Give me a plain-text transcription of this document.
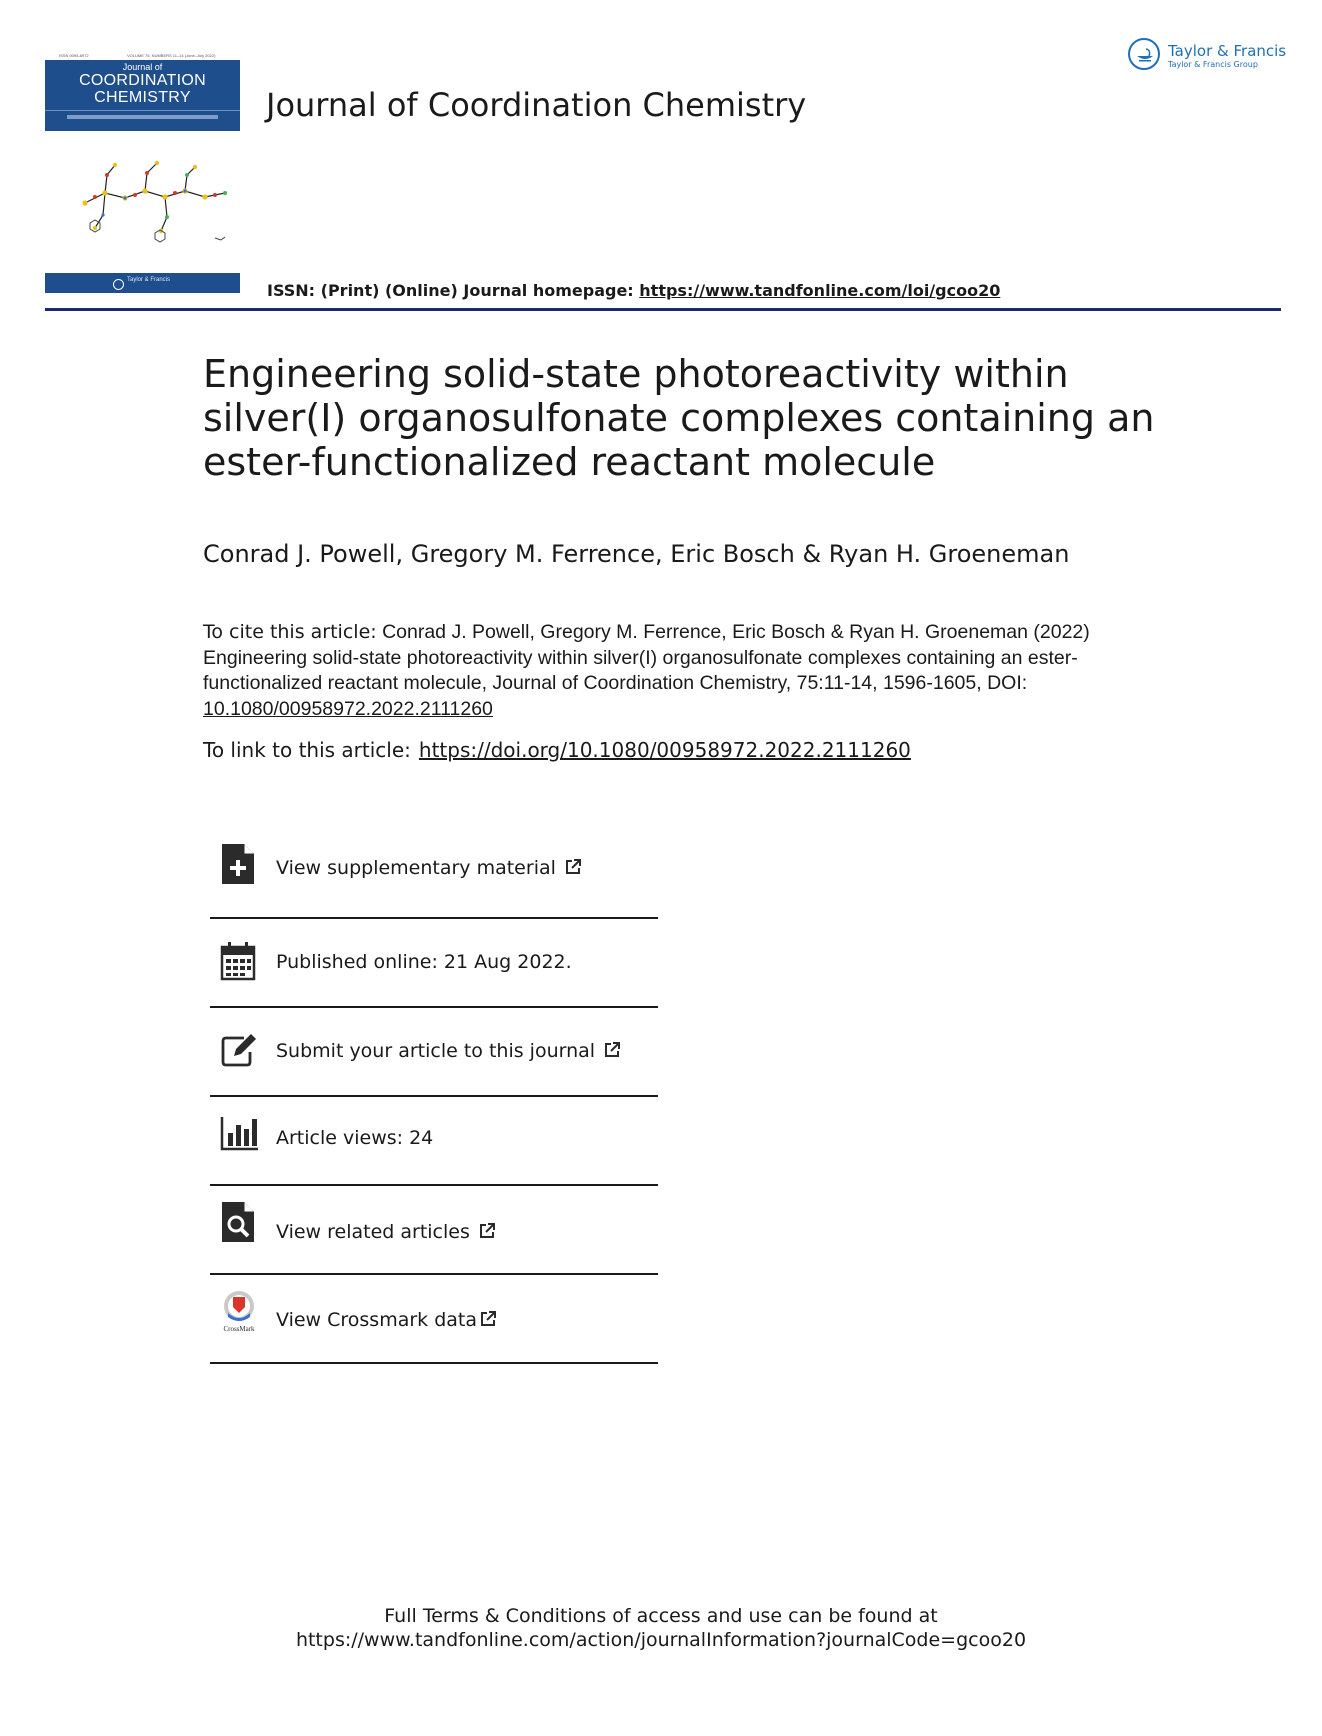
ISSN 0095-8972	VOLUME 75, NUMBERS 11–14 (June–July 2022)
Journal of
COORDINATION
CHEMISTRY
Taylor & Francis
Journal of Coordination Chemistry
Taylor & Francis
Taylor & Francis Group
ISSN: (Print) (Online) Journal homepage: https://www.tandfonline.com/loi/gcoo20
Engineering solid-state photoreactivity within
silver(I) organosulfonate complexes containing an
ester-functionalized reactant molecule
Conrad J. Powell, Gregory M. Ferrence, Eric Bosch & Ryan H. Groeneman
To cite this article: Conrad J. Powell, Gregory M. Ferrence, Eric Bosch & Ryan H. Groeneman (2022) Engineering solid-state photoreactivity within silver(I) organosulfonate complexes containing an ester-functionalized reactant molecule, Journal of Coordination Chemistry, 75:11-14, 1596-1605, DOI: 10.1080/00958972.2022.2111260
To link to this article: https://doi.org/10.1080/00958972.2022.2111260
View supplementary material
Published online: 21 Aug 2022.
Submit your article to this journal
Article views: 24
View related articles
CrossMark View Crossmark data
Full Terms & Conditions of access and use can be found at
https://www.tandfonline.com/action/journalInformation?journalCode=gcoo20
